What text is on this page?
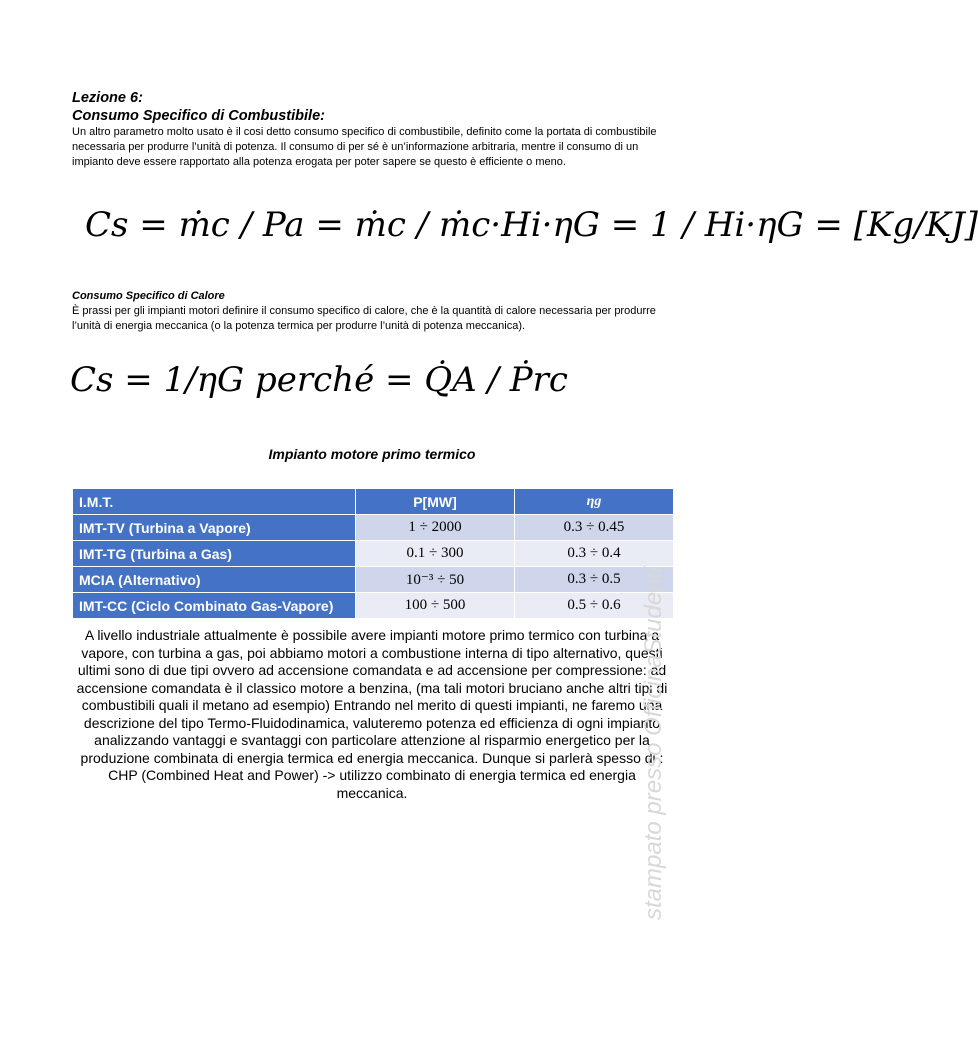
Lezione 6:
Consumo Specifico di Combustibile:
Un altro parametro molto usato è il cosi detto consumo specifico di combustibile, definito come la portata di combustibile necessaria per produrre l’unità di potenza. Il consumo di per sé è un’informazione arbitraria, mentre il consumo di un impianto deve essere rapportato alla potenza erogata per poter sapere se questo è efficiente o meno.
Cs = ṁc / Pa = ṁc / ṁc·Hi·ηG = 1 / Hi·ηG = [Kg/KJ]
Consumo Specifico di Calore
È prassi per gli impianti motori definire il consumo specifico di calore, che è la quantità di calore necessaria per produrre l’unità di energia meccanica (o la potenza termica per produrre l’unità di potenza meccanica).
Cs = 1/ηG perché = Q̇A / Ṗrc
Impianto motore primo termico
I.M.T.	P[MW]	ηg
IMT-TV (Turbina a Vapore)	1 ÷ 2000	0.3 ÷ 0.45
IMT-TG (Turbina a Gas)	0.1 ÷ 300	0.3 ÷ 0.4
MCIA (Alternativo)	10⁻³ ÷ 50	0.3 ÷ 0.5
IMT-CC (Ciclo Combinato Gas-Vapore)	100 ÷ 500	0.5 ÷ 0.6
A livello industriale attualmente è possibile avere impianti motore primo termico con turbina a vapore, con turbina a gas, poi abbiamo motori a combustione interna di tipo alternativo, questi ultimi sono di due tipi ovvero ad accensione comandata e ad accensione per compressione: ad accensione comandata è il classico motore a benzina, (ma tali motori bruciano anche altri tipi di combustibili quali il metano ad esempio) Entrando nel merito di questi impianti, ne faremo una descrizione del tipo Termo-Fluidodinamica, valuteremo potenza ed efficienza di ogni impianto analizzando vantaggi e svantaggi con particolare attenzione al risparmio energetico per la produzione combinata di energia termica ed energia meccanica. Dunque si parlerà spesso di : CHP (Combined Heat and Power) -> utilizzo combinato di energia termica ed energia meccanica.	stampato presso OfficinaStudenti
